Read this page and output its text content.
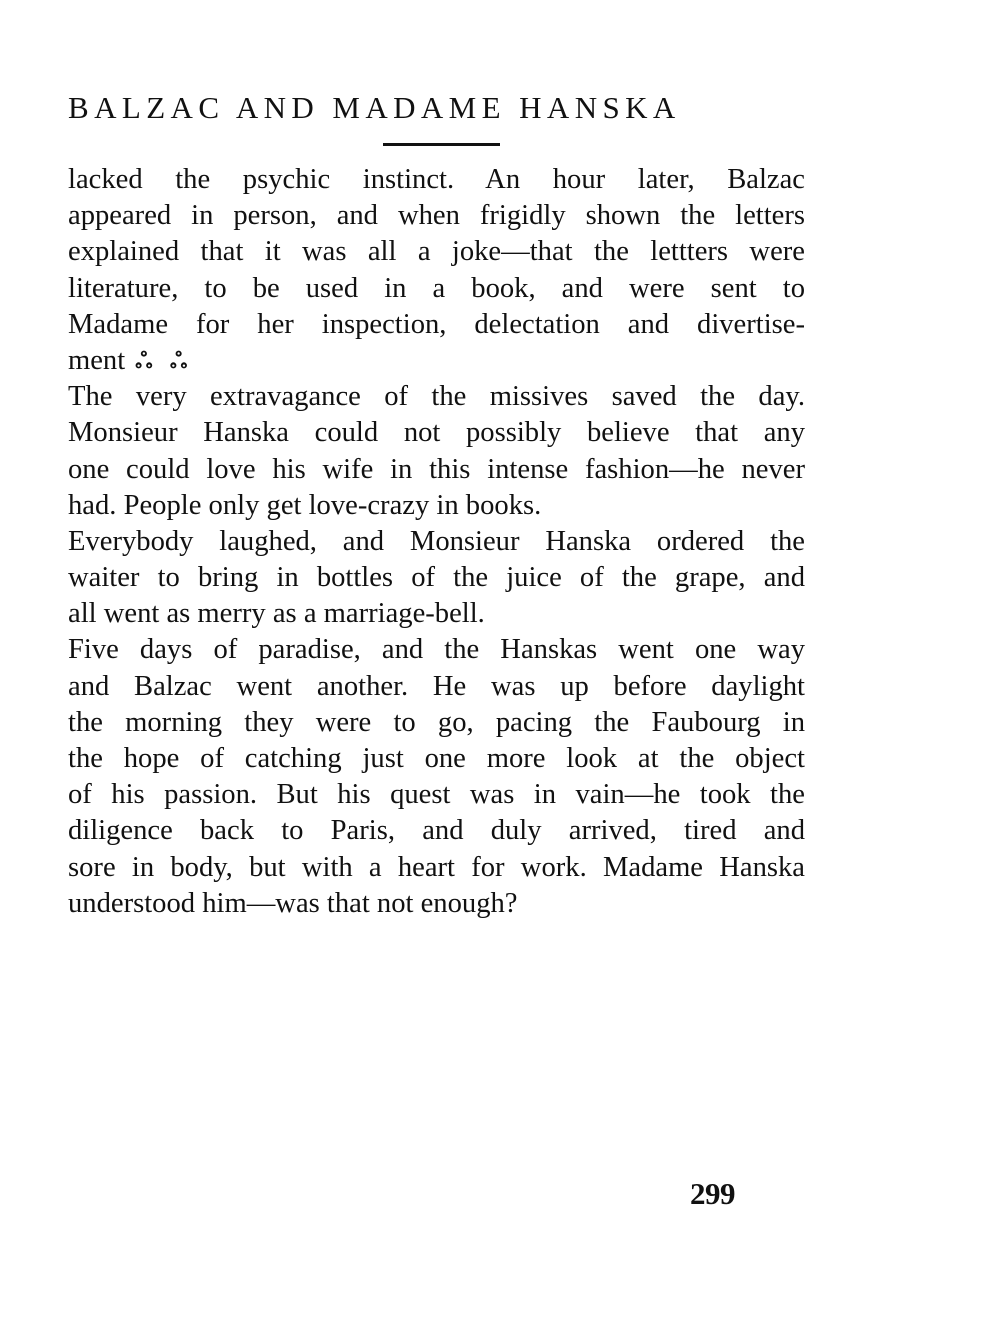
BALZAC AND MADAME HANSKA
lacked the psychic instinct. An hour later, Balzac
appeared in person, and when frigidly shown the letters
explained that it was all a joke—that the lettters were
literature, to be used in a book, and were sent to
Madame for her inspection, delectation and divertise-
ment ஃ ஃ
The very extravagance of the missives saved the day.
Monsieur Hanska could not possibly believe that any
one could love his wife in this intense fashion—he never
had. People only get love-crazy in books.
Everybody laughed, and Monsieur Hanska ordered the
waiter to bring in bottles of the juice of the grape, and
all went as merry as a marriage-bell.
Five days of paradise, and the Hanskas went one way
and Balzac went another. He was up before daylight
the morning they were to go, pacing the Faubourg in
the hope of catching just one more look at the object
of his passion. But his quest was in vain—he took the
diligence back to Paris, and duly arrived, tired and
sore in body, but with a heart for work. Madame Hanska
understood him—was that not enough?
299
